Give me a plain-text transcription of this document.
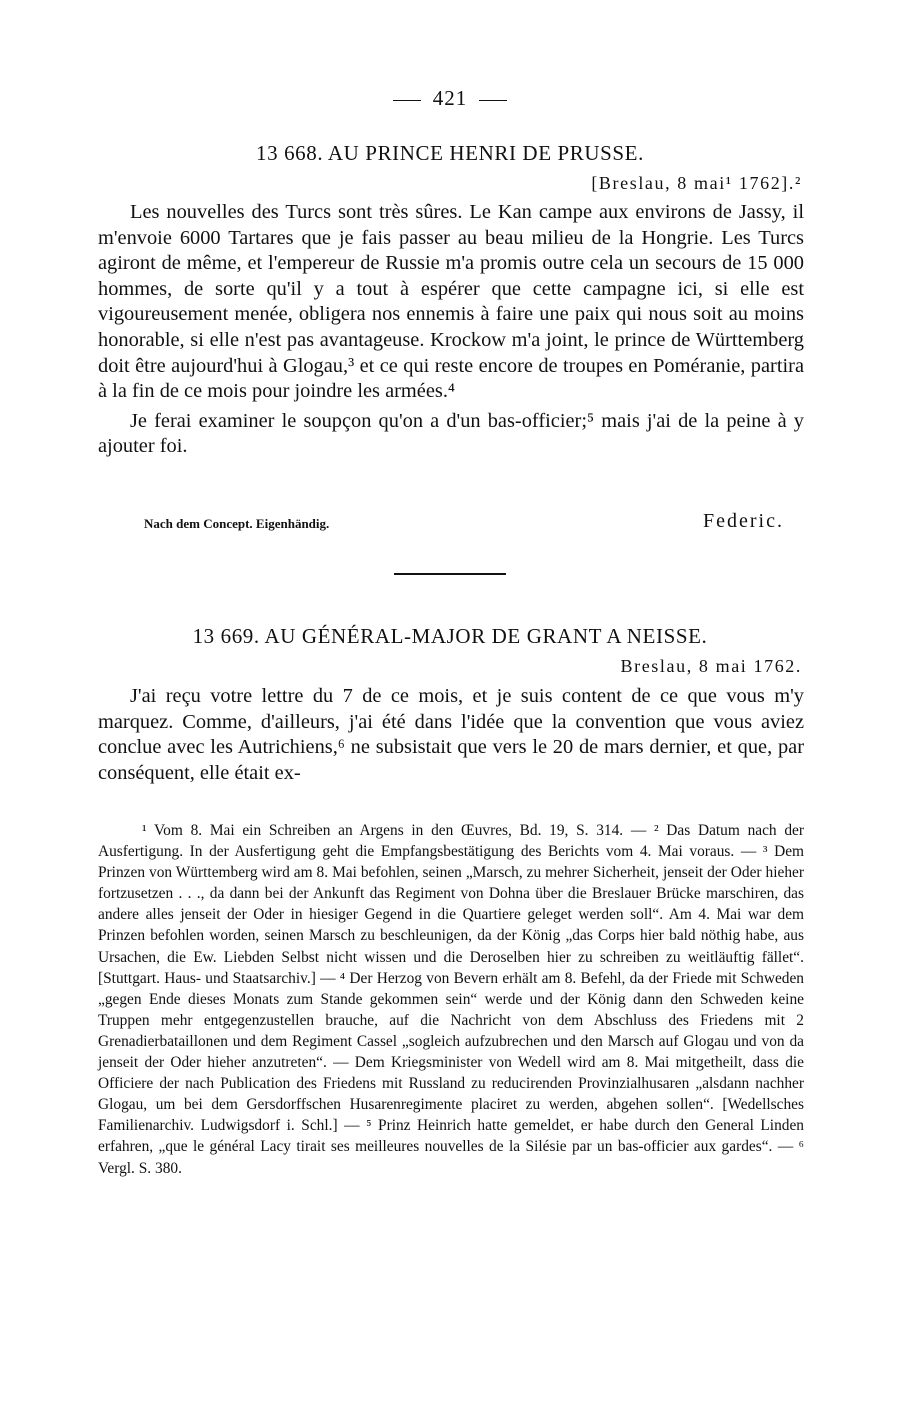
421
13 668. AU PRINCE HENRI DE PRUSSE.
[Breslau, 8 mai¹ 1762].²

Les nouvelles des Turcs sont très sûres. Le Kan campe aux environs de Jassy, il m'envoie 6000 Tartares que je fais passer au beau milieu de la Hongrie. Les Turcs agiront de même, et l'empereur de Russie m'a promis outre cela un secours de 15 000 hommes, de sorte qu'il y a tout à espérer que cette campagne ici, si elle est vigoureusement menée, obligera nos ennemis à faire une paix qui nous soit au moins honorable, si elle n'est pas avantageuse. Krockow m'a joint, le prince de Württemberg doit être aujourd'hui à Glogau,³ et ce qui reste encore de troupes en Poméranie, partira à la fin de ce mois pour joindre les armées.⁴

Je ferai examiner le soupçon qu'on a d'un bas-officier;⁵ mais j'ai de la peine à y ajouter foi.

Nach dem Concept. Eigenhändig.	Federic.
13 669. AU GÉNÉRAL-MAJOR DE GRANT A NEISSE.
Breslau, 8 mai 1762.

J'ai reçu votre lettre du 7 de ce mois, et je suis content de ce que vous m'y marquez. Comme, d'ailleurs, j'ai été dans l'idée que la convention que vous aviez conclue avec les Autrichiens,⁶ ne subsistait que vers le 20 de mars dernier, et que, par conséquent, elle était ex-

¹ Vom 8. Mai ein Schreiben an Argens in den Œuvres, Bd. 19, S. 314. — ² Das Datum nach der Ausfertigung. In der Ausfertigung geht die Empfangsbestätigung des Berichts vom 4. Mai voraus. — ³ Dem Prinzen von Württemberg wird am 8. Mai befohlen, seinen „Marsch, zu mehrer Sicherheit, jenseit der Oder hieher fortzusetzen . . ., da dann bei der Ankunft das Regiment von Dohna über die Breslauer Brücke marschiren, das andere alles jenseit der Oder in hiesiger Gegend in die Quartiere geleget werden soll“. Am 4. Mai war dem Prinzen befohlen worden, seinen Marsch zu beschleunigen, da der König „das Corps hier bald nöthig habe, aus Ursachen, die Ew. Liebden Selbst nicht wissen und die Deroselben hier zu schreiben zu weitläuftig fället“. [Stuttgart. Haus- und Staatsarchiv.] — ⁴ Der Herzog von Bevern erhält am 8. Befehl, da der Friede mit Schweden „gegen Ende dieses Monats zum Stande gekommen sein“ werde und der König dann den Schweden keine Truppen mehr entgegenzustellen brauche, auf die Nachricht von dem Abschluss des Friedens mit 2 Grenadierbataillonen und dem Regiment Cassel „sogleich aufzubrechen und den Marsch auf Glogau und von da jenseit der Oder hieher anzutreten“. — Dem Kriegsminister von Wedell wird am 8. Mai mitgetheilt, dass die Officiere der nach Publication des Friedens mit Russland zu reducirenden Provinzialhusaren „alsdann nachher Glogau, um bei dem Gersdorffschen Husarenregimente placiret zu werden, abgehen sollen“. [Wedellsches Familienarchiv. Ludwigsdorf i. Schl.] — ⁵ Prinz Heinrich hatte gemeldet, er habe durch den General Linden erfahren, „que le général Lacy tirait ses meilleures nouvelles de la Silésie par un bas-officier aux gardes“. — ⁶ Vergl. S. 380.
